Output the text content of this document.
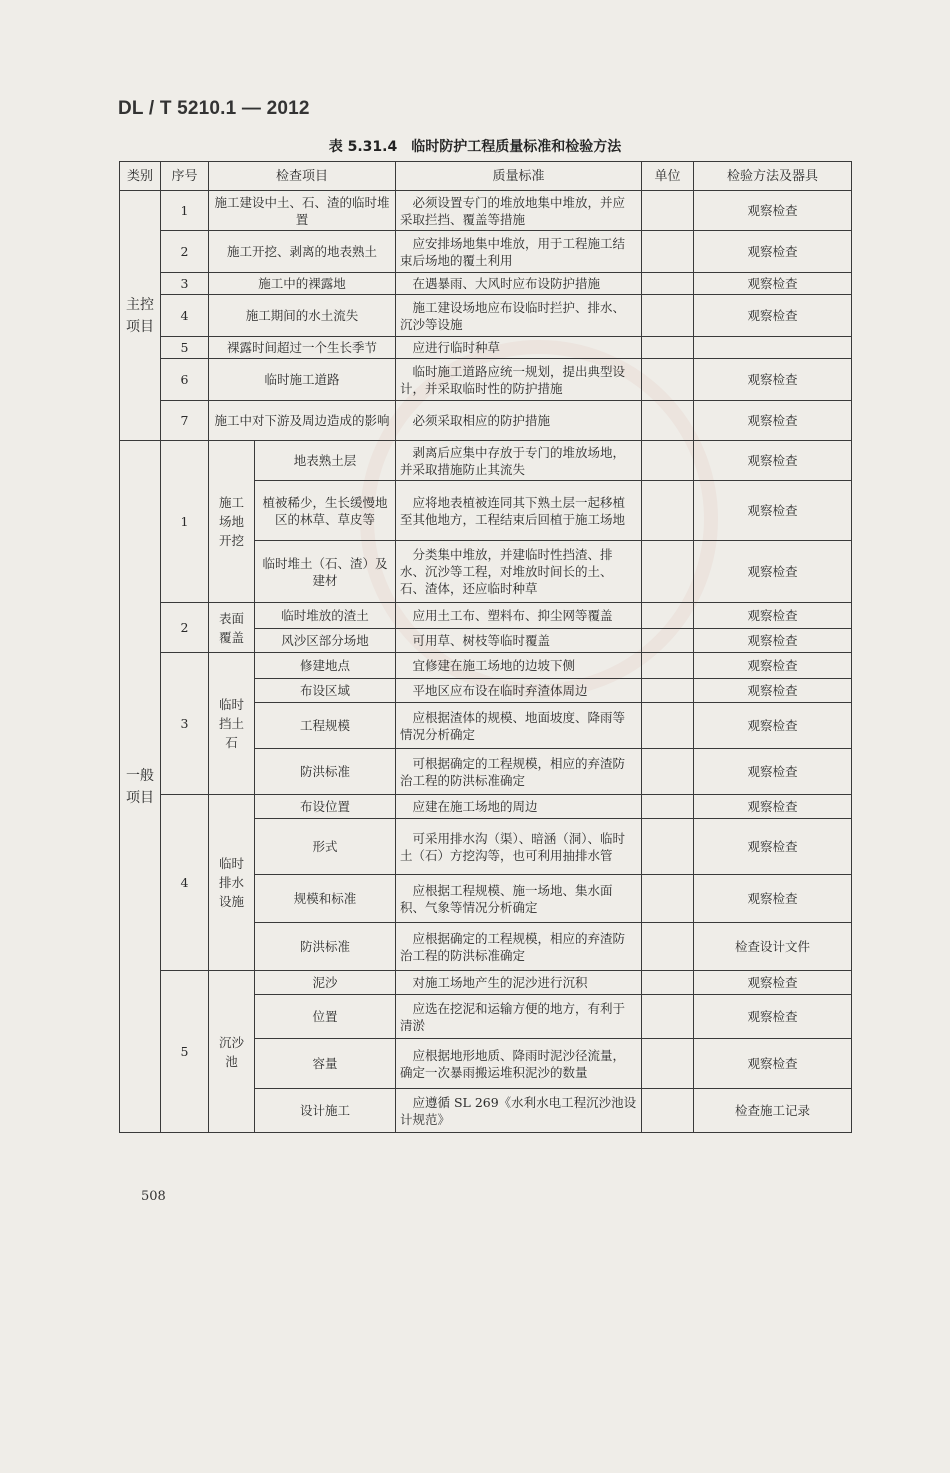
DL / T 5210.1 — 2012
表 5.31.4 临时防护工程质量标准和检验方法
类别	序号	检查项目		质量标准	单位	检验方法及器具
主控项目	1	施工建设中土、石、渣的临时堆置		必须设置专门的堆放地集中堆放，并应采取拦挡、覆盖等措施		观察检查
	2	施工开挖、剥离的地表熟土		应安排场地集中堆放，用于工程施工结束后场地的覆土利用		观察检查
	3	施工中的裸露地		在遇暴雨、大风时应布设防护措施		观察检查
	4	施工期间的水土流失		施工建设场地应布设临时拦护、排水、沉沙等设施		观察检查
	5	裸露时间超过一个生长季节		应进行临时种草		
	6	临时施工道路		临时施工道路应统一规划，提出典型设计，并采取临时性的防护措施		观察检查
	7	施工中对下游及周边造成的影响		必须采取相应的防护措施		观察检查
一般项目	1	施工场地开挖	地表熟土层	剥离后应集中存放于专门的堆放场地，并采取措施防止其流失		观察检查
			植被稀少，生长缓慢地区的林草、草皮等	应将地表植被连同其下熟土层一起移植至其他地方，工程结束后回植于施工场地		观察检查
			临时堆土（石、渣）及建材	分类集中堆放，并建临时性挡渣、排水、沉沙等工程，对堆放时间长的土、石、渣体，还应临时种草		观察检查
	2	表面覆盖	临时堆放的渣土	应用土工布、塑料布、抑尘网等覆盖		观察检查
			风沙区部分场地	可用草、树枝等临时覆盖		观察检查
	3	临时挡土石	修建地点	宜修建在施工场地的边坡下侧		观察检查
			布设区域	平地区应布设在临时弃渣体周边		观察检查
			工程规模	应根据渣体的规模、地面坡度、降雨等情况分析确定		观察检查
			防洪标准	可根据确定的工程规模，相应的弃渣防治工程的防洪标准确定		观察检查
	4	临时排水设施	布设位置	应建在施工场地的周边		观察检查
			形式	可采用排水沟（渠）、暗涵（洞）、临时土（石）方挖沟等，也可利用抽排水管		观察检查
			规模和标准	应根据工程规模、施一场地、集水面积、气象等情况分析确定		观察检查
			防洪标准	应根据确定的工程规模，相应的弃渣防治工程的防洪标准确定		检查设计文件
	5	沉沙池	泥沙	对施工场地产生的泥沙进行沉积		观察检查
			位置	应选在挖泥和运输方便的地方，有利于清淤		观察检查
			容量	应根据地形地质、降雨时泥沙径流量，确定一次暴雨搬运堆积泥沙的数量		观察检查
			设计施工	应遵循 SL 269《水利水电工程沉沙池设计规范》		检查施工记录
508
